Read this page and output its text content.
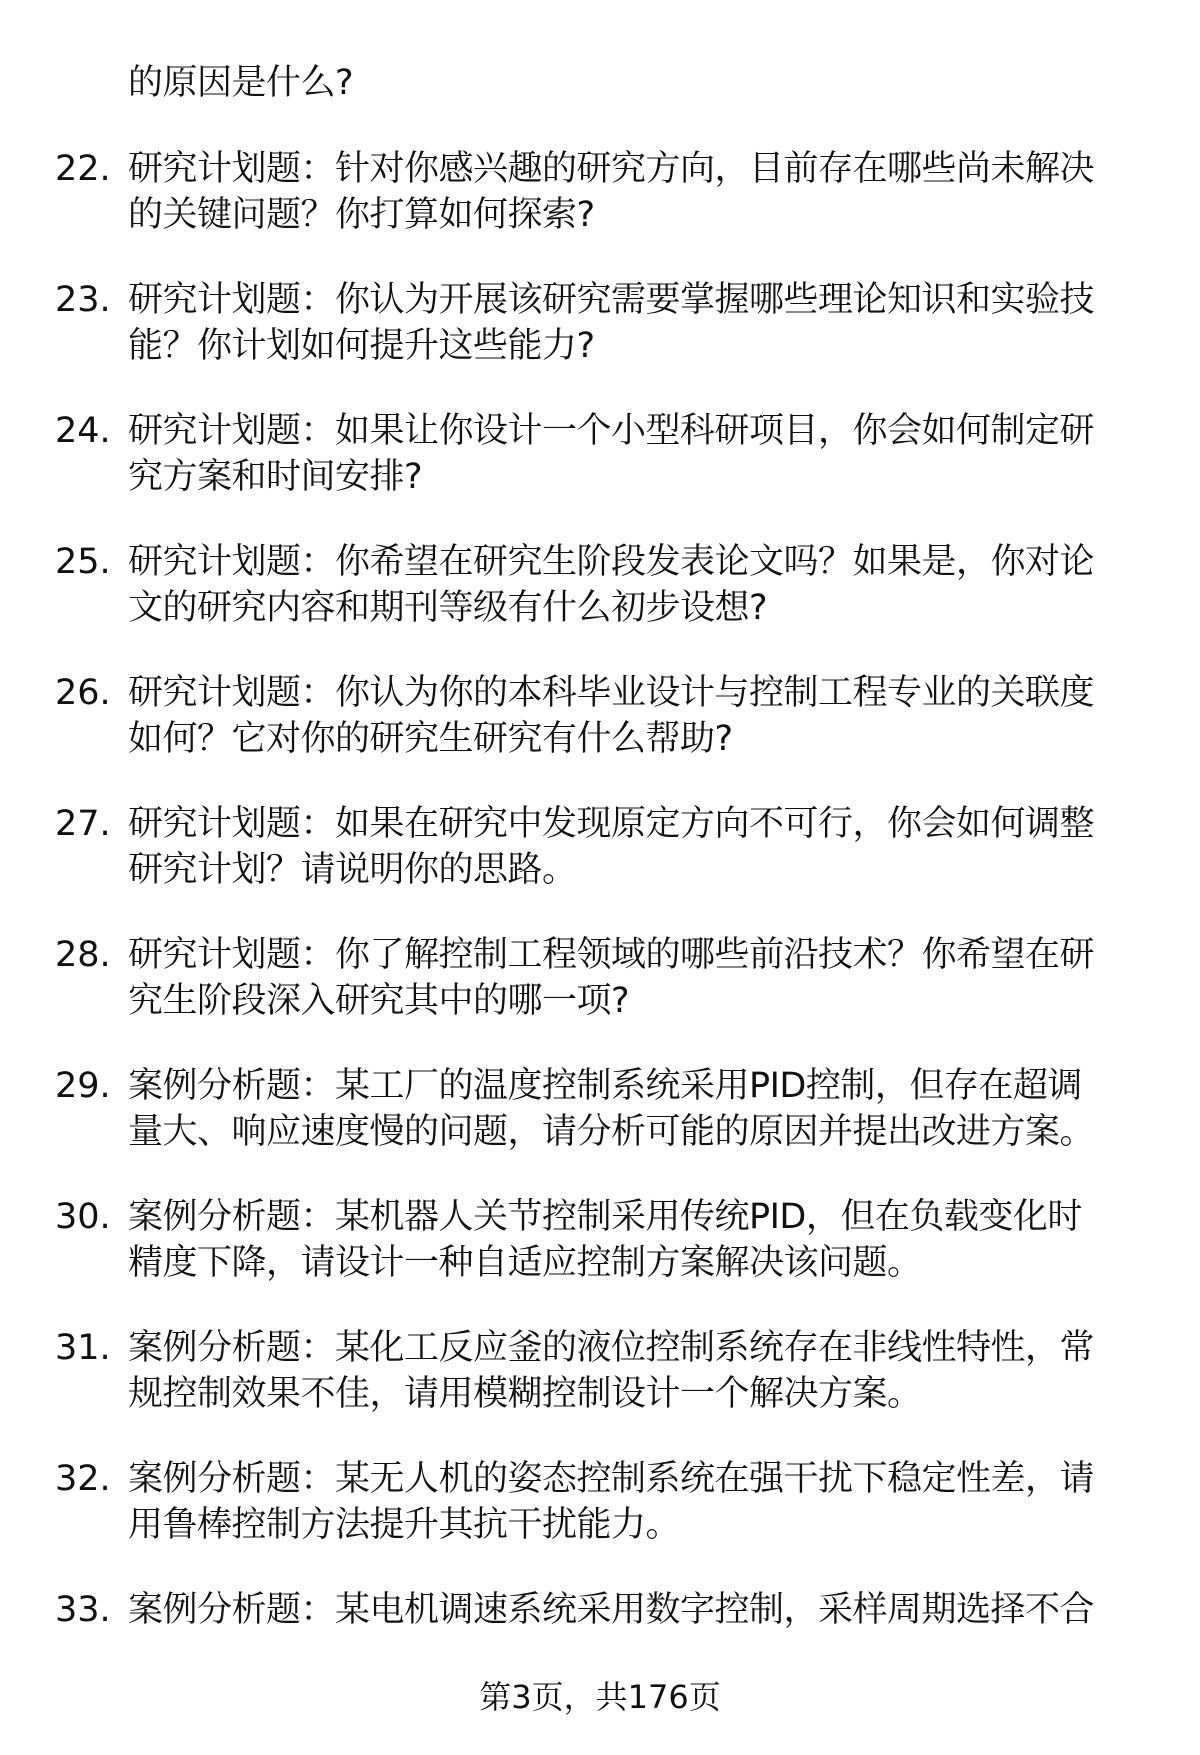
的原因是什么?
22. 研究计划题：针对你感兴趣的研究方向，目前存在哪些尚未解决
的关键问题？你打算如何探索?
23. 研究计划题：你认为开展该研究需要掌握哪些理论知识和实验技
能？你计划如何提升这些能力?
24. 研究计划题：如果让你设计一个小型科研项目，你会如何制定研
究方案和时间安排?
25. 研究计划题：你希望在研究生阶段发表论文吗？如果是，你对论
文的研究内容和期刊等级有什么初步设想?
26. 研究计划题：你认为你的本科毕业设计与控制工程专业的关联度
如何？它对你的研究生研究有什么帮助?
27. 研究计划题：如果在研究中发现原定方向不可行，你会如何调整
研究计划？请说明你的思路。
28. 研究计划题：你了解控制工程领域的哪些前沿技术？你希望在研
究生阶段深入研究其中的哪一项?
29. 案例分析题：某工厂的温度控制系统采用PID控制，但存在超调
量大、响应速度慢的问题，请分析可能的原因并提出改进方案。
30. 案例分析题：某机器人关节控制采用传统PID，但在负载变化时
精度下降，请设计一种自适应控制方案解决该问题。
31. 案例分析题：某化工反应釜的液位控制系统存在非线性特性，常
规控制效果不佳，请用模糊控制设计一个解决方案。
32. 案例分析题：某无人机的姿态控制系统在强干扰下稳定性差，请
用鲁棒控制方法提升其抗干扰能力。
33. 案例分析题：某电机调速系统采用数字控制，采样周期选择不合
第3页，共176页
